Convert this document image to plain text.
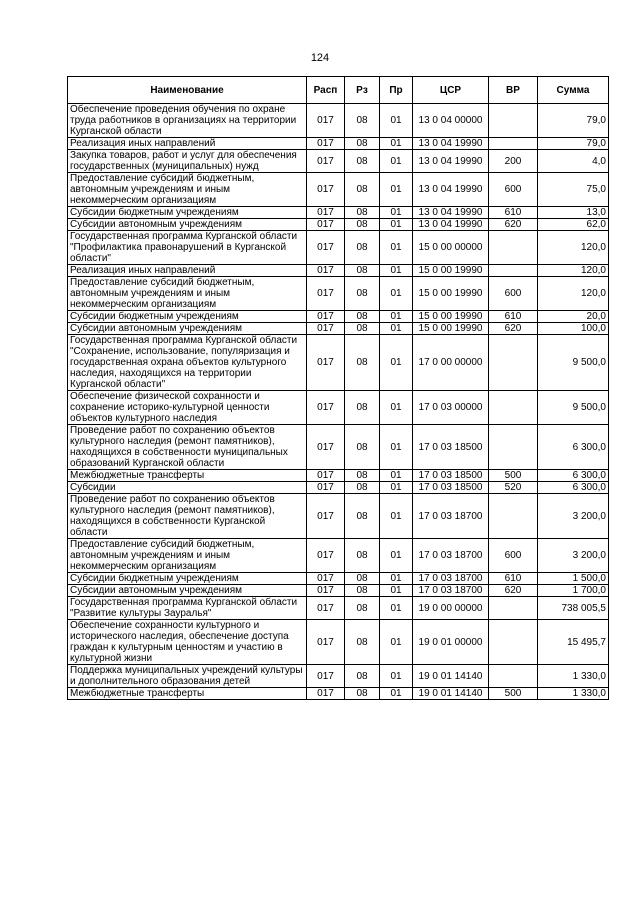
124
Наименование	Расп	Рз	Пр	ЦСР	ВР	Сумма
Обеспечение проведения обучения по охране труда работников в организациях на территории Курганской области	017	08	01	13 0 04 00000		79,0
Реализация иных направлений	017	08	01	13 0 04 19990		79,0
Закупка товаров, работ и услуг для обеспечения государственных (муниципальных) нужд	017	08	01	13 0 04 19990	200	4,0
Предоставление субсидий бюджетным, автономным учреждениям и иным некоммерческим организациям	017	08	01	13 0 04 19990	600	75,0
Субсидии бюджетным учреждениям	017	08	01	13 0 04 19990	610	13,0
Субсидии автономным учреждениям	017	08	01	13 0 04 19990	620	62,0
Государственная программа Курганской области "Профилактика правонарушений в Курганской области"	017	08	01	15 0 00 00000		120,0
Реализация иных направлений	017	08	01	15 0 00 19990		120,0
Предоставление субсидий бюджетным, автономным учреждениям и иным некоммерческим организациям	017	08	01	15 0 00 19990	600	120,0
Субсидии бюджетным учреждениям	017	08	01	15 0 00 19990	610	20,0
Субсидии автономным учреждениям	017	08	01	15 0 00 19990	620	100,0
Государственная программа Курганской области "Сохранение, использование, популяризация и государственная охрана объектов культурного наследия, находящихся на территории Курганской области"	017	08	01	17 0 00 00000		9 500,0
Обеспечение физической сохранности и сохранение историко-культурной ценности объектов культурного наследия	017	08	01	17 0 03 00000		9 500,0
Проведение работ по сохранению объектов культурного наследия (ремонт памятников), находящихся в собственности муниципальных образований Курганской области	017	08	01	17 0 03 18500		6 300,0
Межбюджетные трансферты	017	08	01	17 0 03 18500	500	6 300,0
Субсидии	017	08	01	17 0 03 18500	520	6 300,0
Проведение работ по сохранению объектов культурного наследия (ремонт памятников), находящихся в собственности Курганской области	017	08	01	17 0 03 18700		3 200,0
Предоставление субсидий бюджетным, автономным учреждениям и иным некоммерческим организациям	017	08	01	17 0 03 18700	600	3 200,0
Субсидии бюджетным учреждениям	017	08	01	17 0 03 18700	610	1 500,0
Субсидии автономным учреждениям	017	08	01	17 0 03 18700	620	1 700,0
Государственная программа Курганской области "Развитие культуры Зауралья"	017	08	01	19 0 00 00000		738 005,5
Обеспечение сохранности культурного и исторического наследия, обеспечение доступа граждан к культурным ценностям и участию в культурной жизни	017	08	01	19 0 01 00000		15 495,7
Поддержка муниципальных учреждений культуры и дополнительного образования детей	017	08	01	19 0 01 14140		1 330,0
Межбюджетные трансферты	017	08	01	19 0 01 14140	500	1 330,0
